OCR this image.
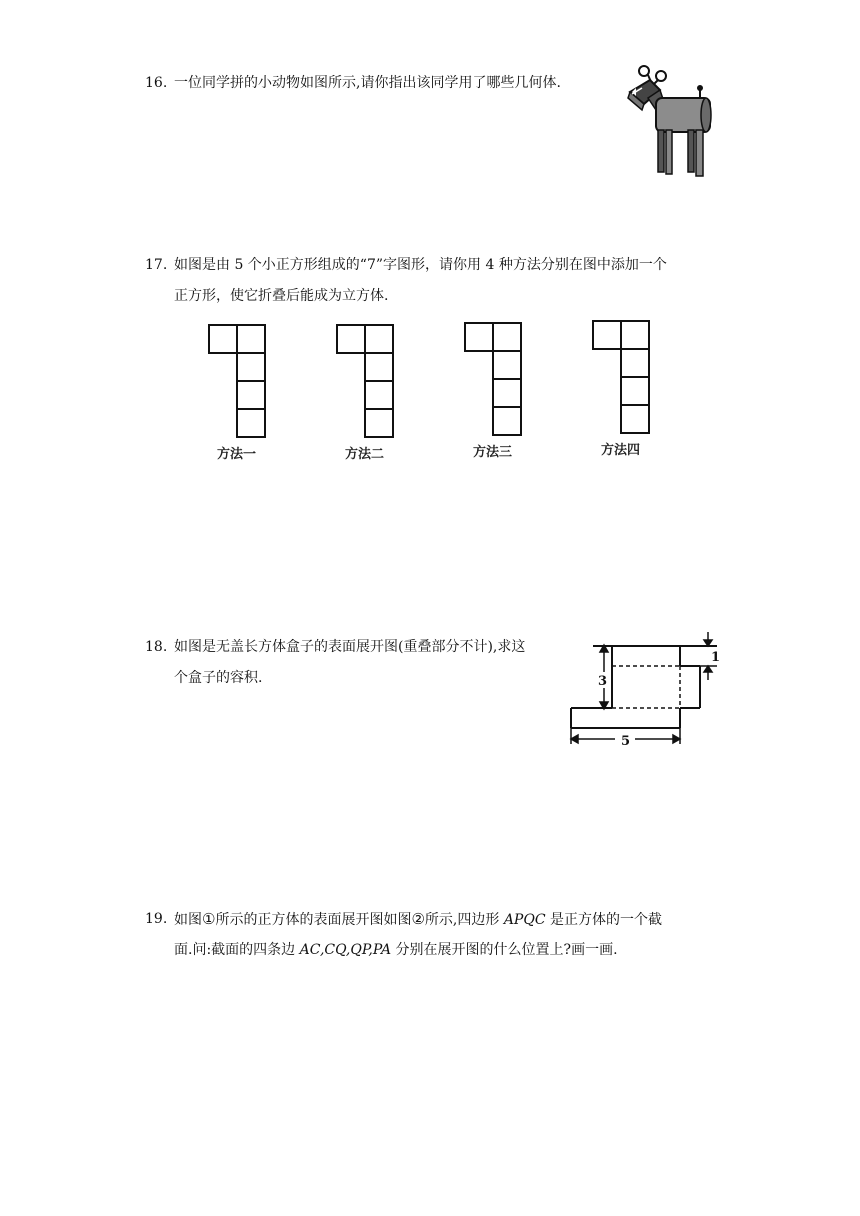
16. 一位同学拼的小动物如图所示,请你指出该同学用了哪些几何体.
17. 如图是由 5 个小正方形组成的“7”字图形，请你用 4 种方法分别在图中添加一个
正方形，使它折叠后能成为立方体.
方法一	方法二	方法三	方法四
18. 如图是无盖长方体盒子的表面展开图(重叠部分不计),求这
个盒子的容积.	3
1
5
19. 如图①所示的正方体的表面展开图如图②所示,四边形 APQC 是正方体的一个截
面.问:截面的四条边 AC,CQ,QP,PA 分别在展开图的什么位置上?画一画.
